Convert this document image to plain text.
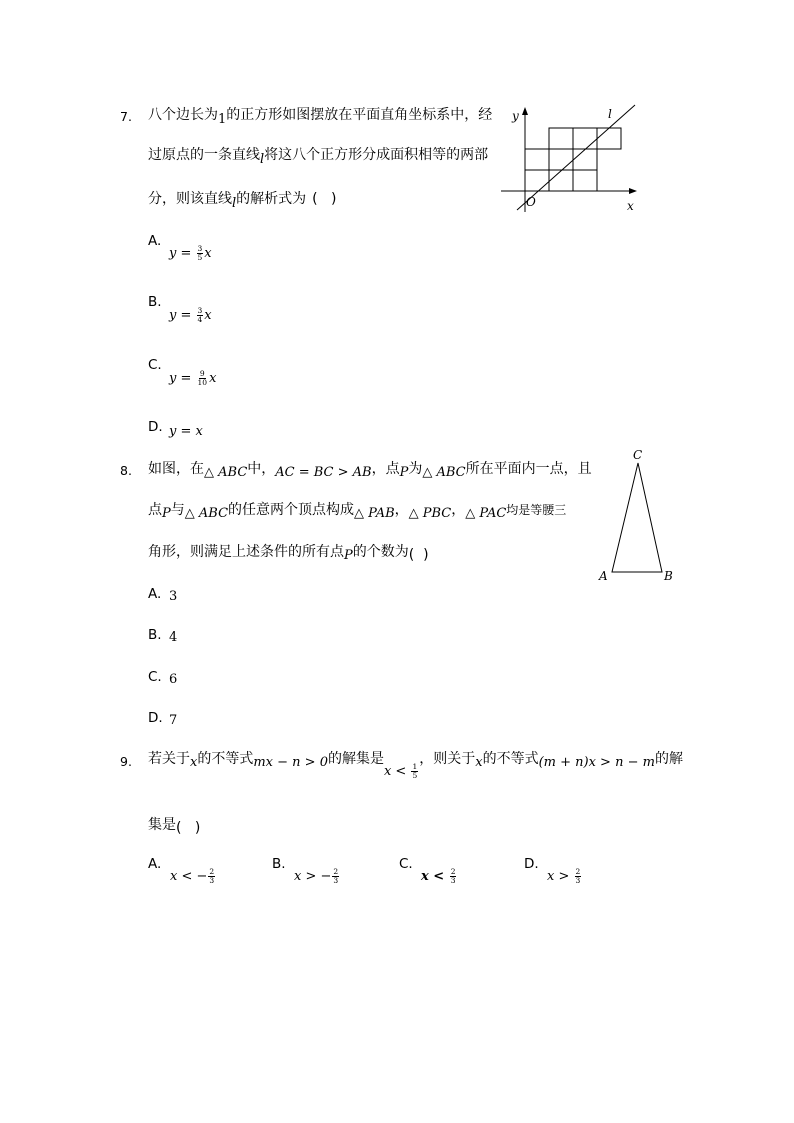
7. 八个边长为1的正方形如图摆放在平面直角坐标系中，经
过原点的一条直线l将这八个正方形分成面积相等的两部
分，则该直线l的解析式为 (   )
y
x
O
l
A.
$y = \frac{3}{5}$ x
B.
$y = \frac{3}{4}$ x
C.
$y = \frac{9}{10}$ x
D. y = x
8. 如图，在△ ABC中，AC = BC > AB，点P为△ ABC所在平面内一点，且
点P与△ ABC的任意两个顶点构成△ PAB，△ PBC，△ PAC均是等腰三
角形，则满足上述条件的所有点P的个数为(  )
C
A	B
A. 3
B. 4
C. 6
D. 7
9. 若关于x的不等式mx − n > 0的解集是$x < \frac{1}{5}$
，则关于x的不等式(m + n)x > n − m的解
集是(   )
A.
x < − $\frac{2}{3}$
B.
x > − $\frac{2}{3}$
C.
$x < \frac{2}{3}$
D.
$x > \frac{2}{3}$
